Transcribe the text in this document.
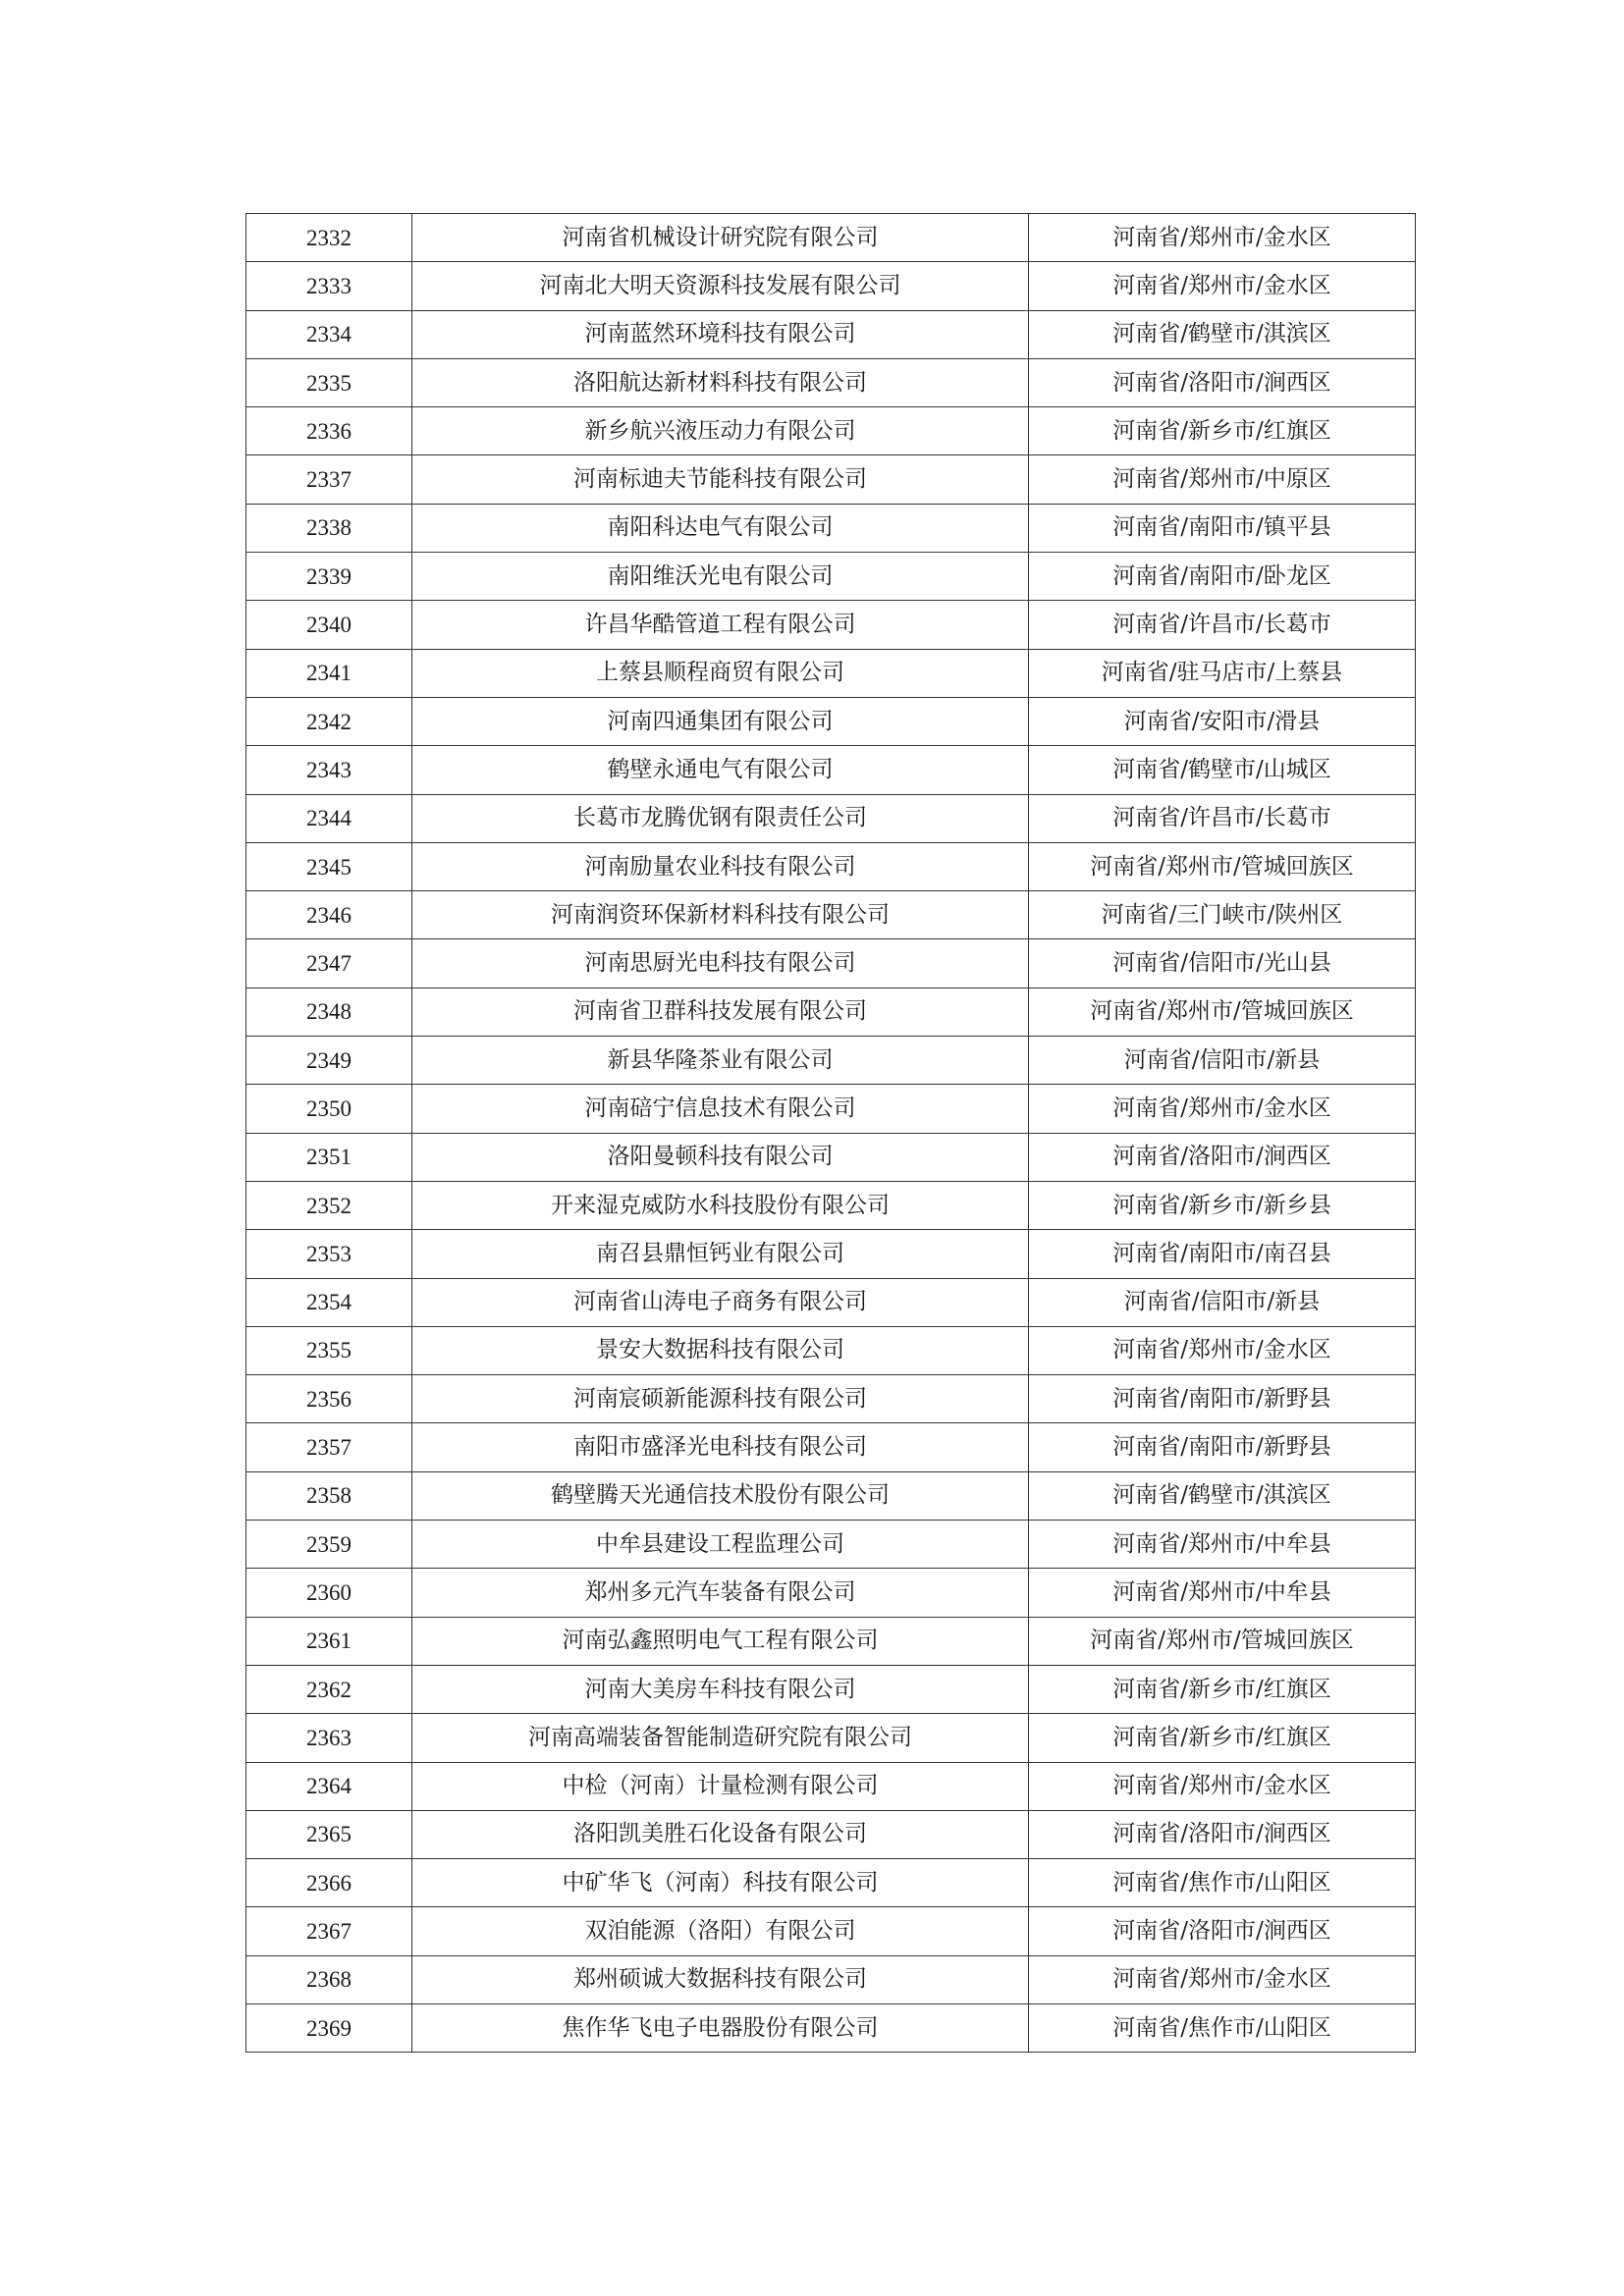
2332	河南省机械设计研究院有限公司	河南省/郑州市/金水区
2333	河南北大明天资源科技发展有限公司	河南省/郑州市/金水区
2334	河南蓝然环境科技有限公司	河南省/鹤壁市/淇滨区
2335	洛阳航达新材料科技有限公司	河南省/洛阳市/涧西区
2336	新乡航兴液压动力有限公司	河南省/新乡市/红旗区
2337	河南标迪夫节能科技有限公司	河南省/郑州市/中原区
2338	南阳科达电气有限公司	河南省/南阳市/镇平县
2339	南阳维沃光电有限公司	河南省/南阳市/卧龙区
2340	许昌华酷管道工程有限公司	河南省/许昌市/长葛市
2341	上蔡县顺程商贸有限公司	河南省/驻马店市/上蔡县
2342	河南四通集团有限公司	河南省/安阳市/滑县
2343	鹤壁永通电气有限公司	河南省/鹤壁市/山城区
2344	长葛市龙腾优钢有限责任公司	河南省/许昌市/长葛市
2345	河南励量农业科技有限公司	河南省/郑州市/管城回族区
2346	河南润资环保新材料科技有限公司	河南省/三门峡市/陕州区
2347	河南思厨光电科技有限公司	河南省/信阳市/光山县
2348	河南省卫群科技发展有限公司	河南省/郑州市/管城回族区
2349	新县华隆茶业有限公司	河南省/信阳市/新县
2350	河南碚宁信息技术有限公司	河南省/郑州市/金水区
2351	洛阳曼顿科技有限公司	河南省/洛阳市/涧西区
2352	开来湿克威防水科技股份有限公司	河南省/新乡市/新乡县
2353	南召县鼎恒钙业有限公司	河南省/南阳市/南召县
2354	河南省山涛电子商务有限公司	河南省/信阳市/新县
2355	景安大数据科技有限公司	河南省/郑州市/金水区
2356	河南宸硕新能源科技有限公司	河南省/南阳市/新野县
2357	南阳市盛泽光电科技有限公司	河南省/南阳市/新野县
2358	鹤壁腾天光通信技术股份有限公司	河南省/鹤壁市/淇滨区
2359	中牟县建设工程监理公司	河南省/郑州市/中牟县
2360	郑州多元汽车装备有限公司	河南省/郑州市/中牟县
2361	河南弘鑫照明电气工程有限公司	河南省/郑州市/管城回族区
2362	河南大美房车科技有限公司	河南省/新乡市/红旗区
2363	河南高端装备智能制造研究院有限公司	河南省/新乡市/红旗区
2364	中检（河南）计量检测有限公司	河南省/郑州市/金水区
2365	洛阳凯美胜石化设备有限公司	河南省/洛阳市/涧西区
2366	中矿华飞（河南）科技有限公司	河南省/焦作市/山阳区
2367	双洎能源（洛阳）有限公司	河南省/洛阳市/涧西区
2368	郑州硕诚大数据科技有限公司	河南省/郑州市/金水区
2369	焦作华飞电子电器股份有限公司	河南省/焦作市/山阳区
